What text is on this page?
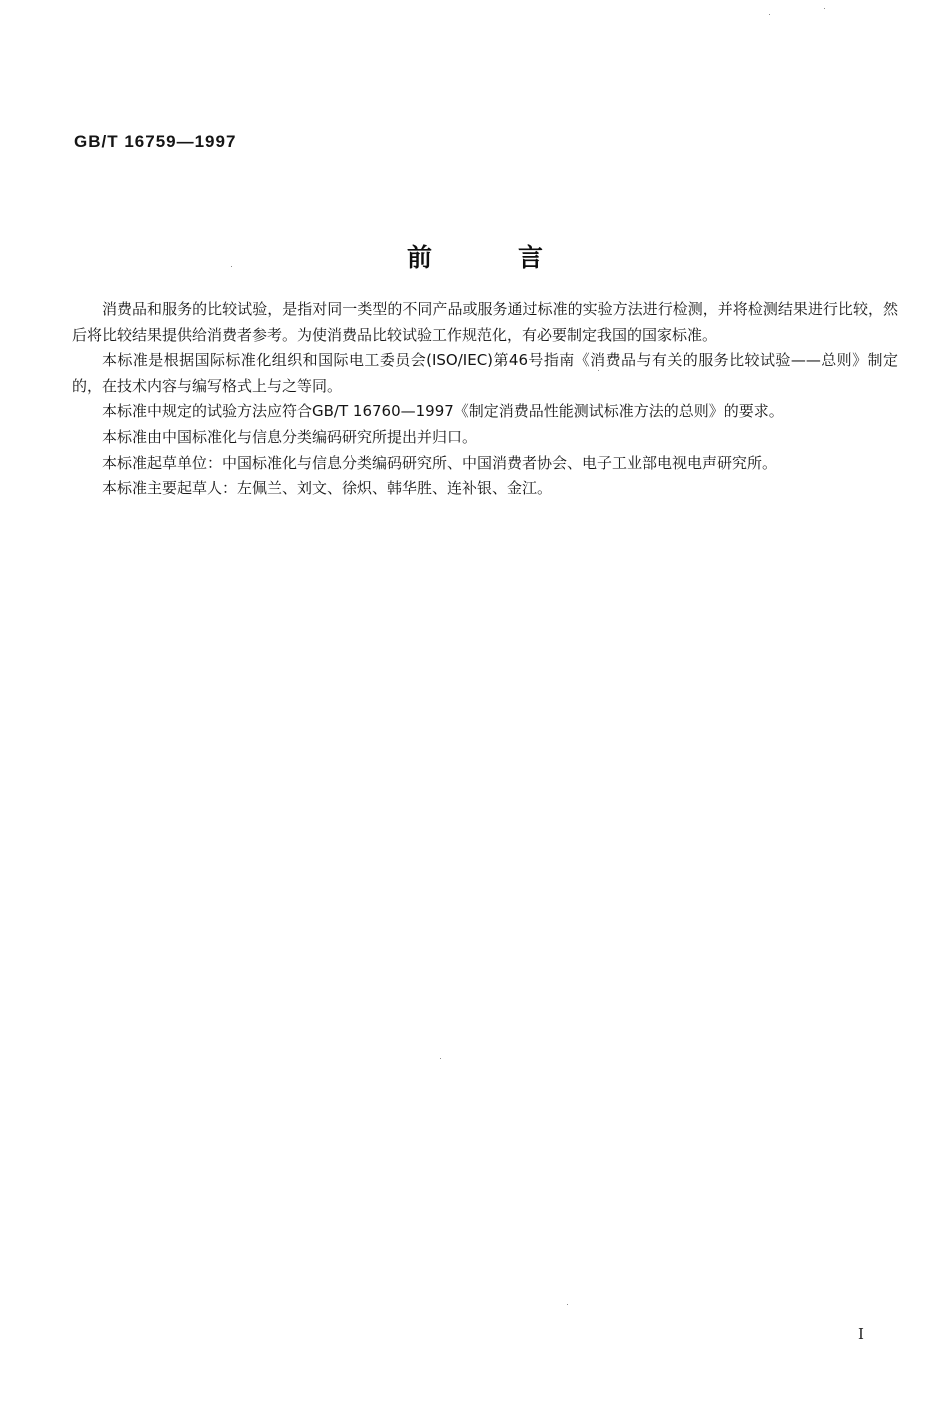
GB/T 16759—1997
前言

消费品和服务的比较试验，是指对同一类型的不同产品或服务通过标准的实验方法进行检测，并将检测结果进行比较，然后将比较结果提供给消费者参考。为使消费品比较试验工作规范化，有必要制定我国的国家标准。

本标准是根据国际标准化组织和国际电工委员会(ISO/IEC)第46号指南《消费品与有关的服务比较试验——总则》制定的，在技术内容与编写格式上与之等同。

本标准中规定的试验方法应符合GB/T 16760—1997《制定消费品性能测试标准方法的总则》的要求。

本标准由中国标准化与信息分类编码研究所提出并归口。

本标准起草单位：中国标准化与信息分类编码研究所、中国消费者协会、电子工业部电视电声研究所。

本标准主要起草人：左佩兰、刘文、徐炽、韩华胜、连补银、金江。

I
